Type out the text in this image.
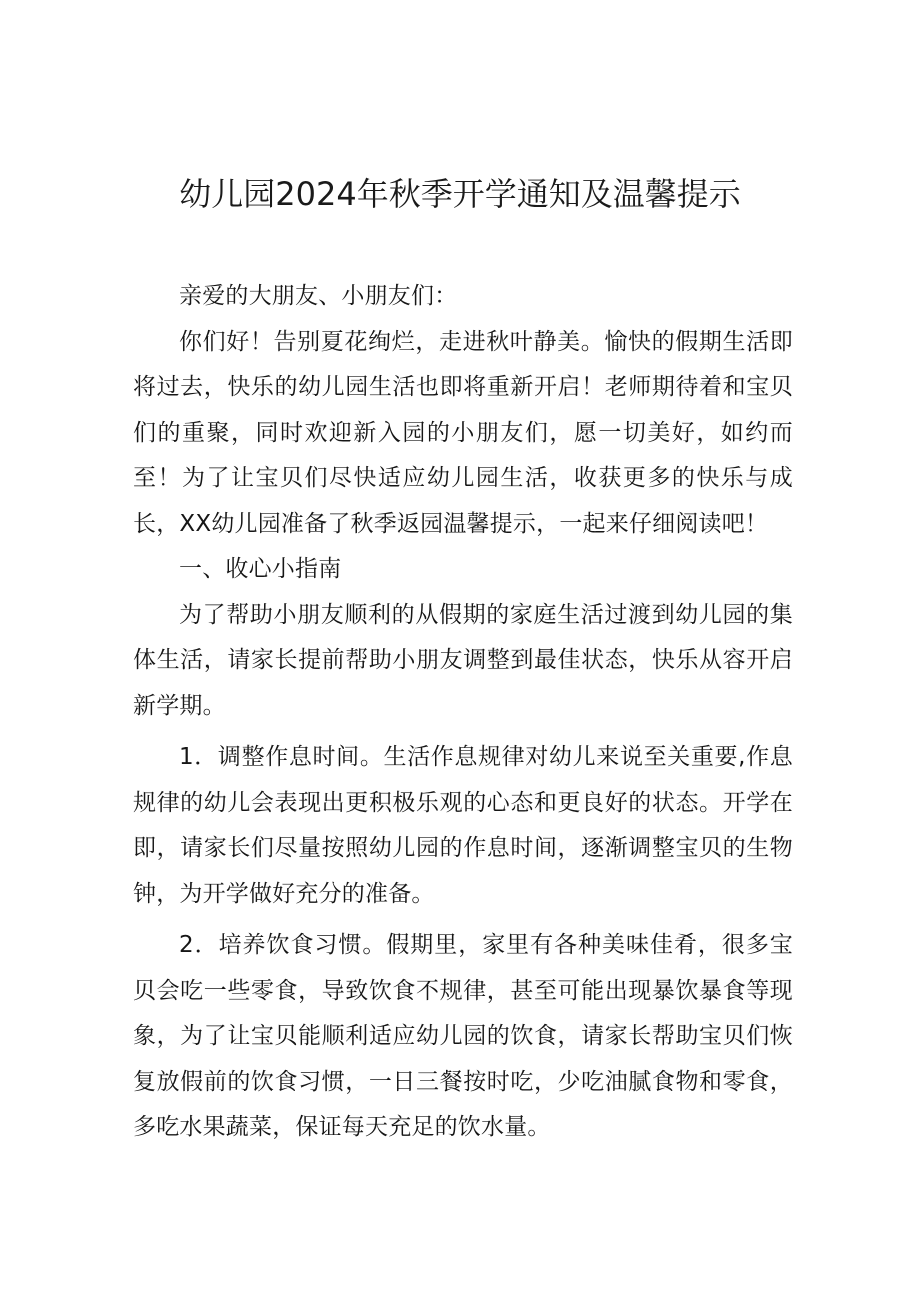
幼儿园2024年秋季开学通知及温馨提示

亲爱的大朋友、小朋友们：

你们好！告别夏花绚烂，走进秋叶静美。愉快的假期生活即将过去，快乐的幼儿园生活也即将重新开启！老师期待着和宝贝们的重聚，同时欢迎新入园的小朋友们，愿一切美好，如约而至！为了让宝贝们尽快适应幼儿园生活，收获更多的快乐与成长，XX幼儿园准备了秋季返园温馨提示，一起来仔细阅读吧！

一、收心小指南

为了帮助小朋友顺利的从假期的家庭生活过渡到幼儿园的集体生活，请家长提前帮助小朋友调整到最佳状态，快乐从容开启新学期。

1．调整作息时间。生活作息规律对幼儿来说至关重要,作息规律的幼儿会表现出更积极乐观的心态和更良好的状态。开学在即，请家长们尽量按照幼儿园的作息时间，逐渐调整宝贝的生物钟，为开学做好充分的准备。

2．培养饮食习惯。假期里，家里有各种美味佳肴，很多宝贝会吃一些零食，导致饮食不规律，甚至可能出现暴饮暴食等现象，为了让宝贝能顺利适应幼儿园的饮食，请家长帮助宝贝们恢复放假前的饮食习惯，一日三餐按时吃，少吃油腻食物和零食，多吃水果蔬菜，保证每天充足的饮水量。
